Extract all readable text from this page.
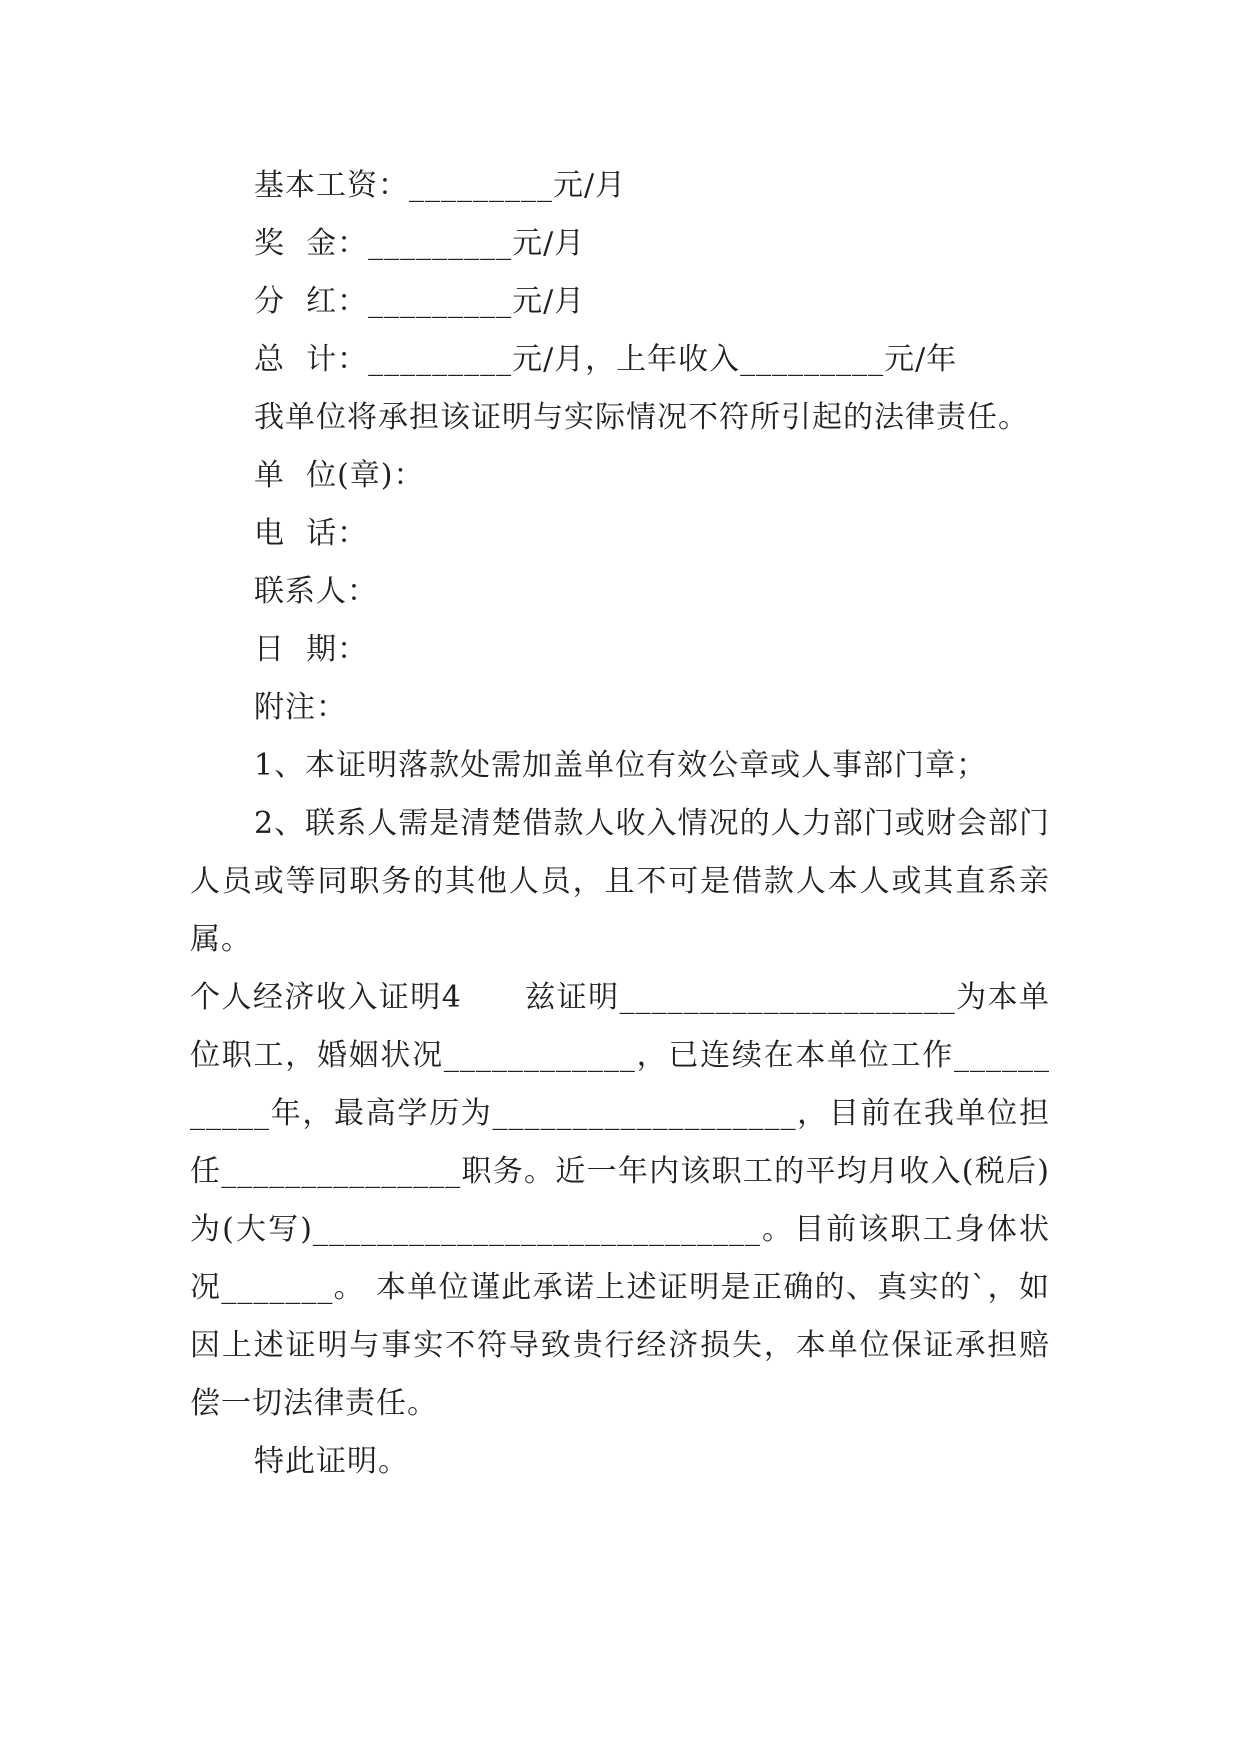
基本工资：_________元/月

奖  金：_________元/月

分  红：_________元/月

总  计：_________元/月，上年收入_________元/年

我单位将承担该证明与实际情况不符所引起的法律责任。

单  位(章)：

电  话：

联系人：

日  期：

附注：

1、本证明落款处需加盖单位有效公章或人事部门章；

2、联系人需是清楚借款人收入情况的人力部门或财会部门人员或等同职务的其他人员，且不可是借款人本人或其直系亲属。

个人经济收入证明4　　兹证明_____________________为本单位职工，婚姻状况____________，已连续在本单位工作___________年，最高学历为___________________，目前在我单位担任_______________职务。近一年内该职工的平均月收入(税后)为(大写)____________________________。目前该职工身体状况_______。 本单位谨此承诺上述证明是正确的、真实的`，如因上述证明与事实不符导致贵行经济损失，本单位保证承担赔偿一切法律责任。

特此证明。
